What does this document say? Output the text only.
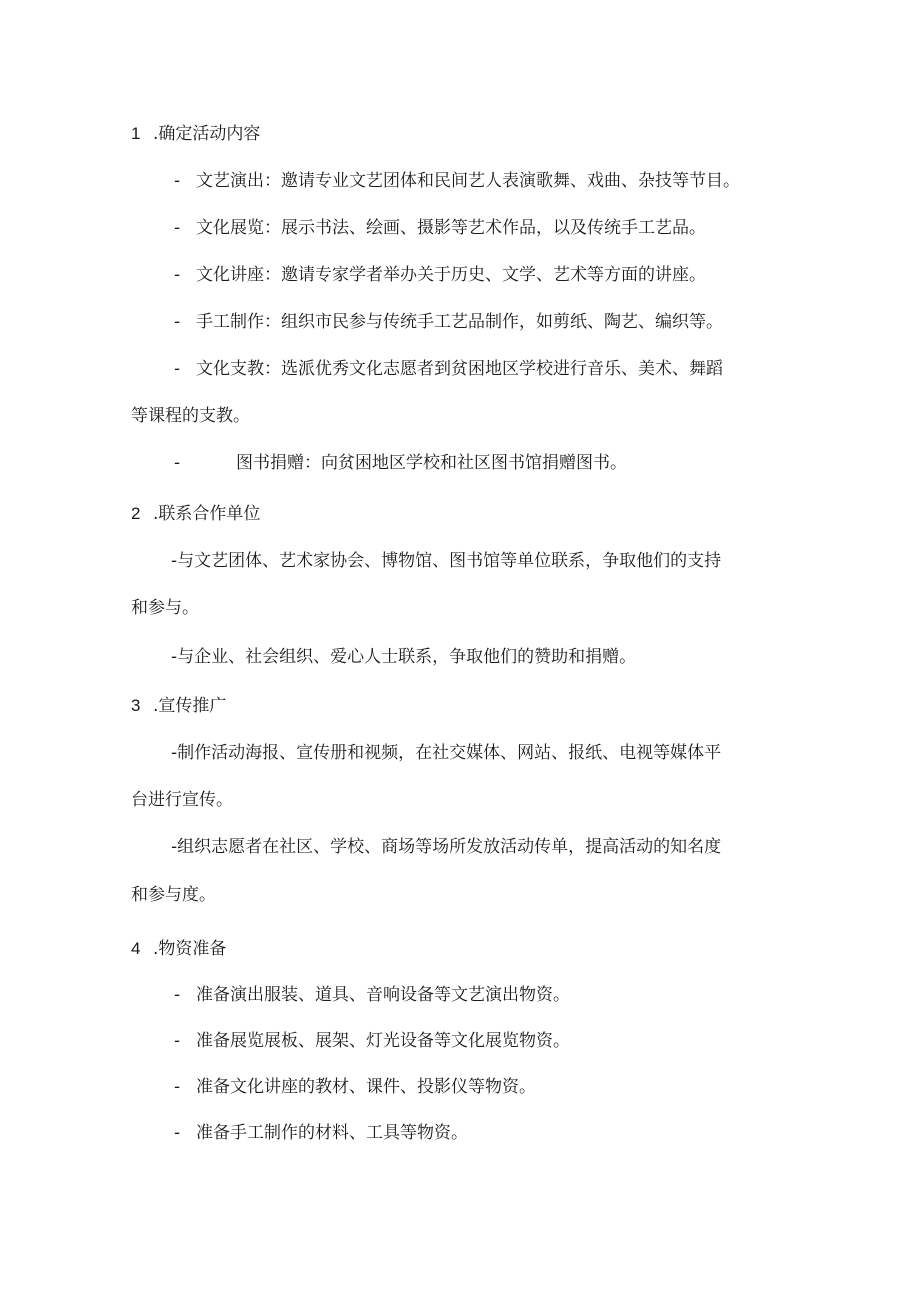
1 .确定活动内容
- 文艺演出：邀请专业文艺团体和民间艺人表演歌舞、戏曲、杂技等节目。
- 文化展览：展示书法、绘画、摄影等艺术作品，以及传统手工艺品。
- 文化讲座：邀请专家学者举办关于历史、文学、艺术等方面的讲座。
- 手工制作：组织市民参与传统手工艺品制作，如剪纸、陶艺、编织等。
- 文化支教：选派优秀文化志愿者到贫困地区学校进行音乐、美术、舞蹈
等课程的支教。
-	图书捐赠：向贫困地区学校和社区图书馆捐赠图书。
2 .联系合作单位
-与文艺团体、艺术家协会、博物馆、图书馆等单位联系，争取他们的支持
和参与。
-与企业、社会组织、爱心人士联系，争取他们的赞助和捐赠。
3 .宣传推广
-制作活动海报、宣传册和视频，在社交媒体、网站、报纸、电视等媒体平
台进行宣传。
-组织志愿者在社区、学校、商场等场所发放活动传单，提高活动的知名度
和参与度。
4 .物资准备
- 准备演出服装、道具、音响设备等文艺演出物资。
- 准备展览展板、展架、灯光设备等文化展览物资。
- 准备文化讲座的教材、课件、投影仪等物资。
- 准备手工制作的材料、工具等物资。
